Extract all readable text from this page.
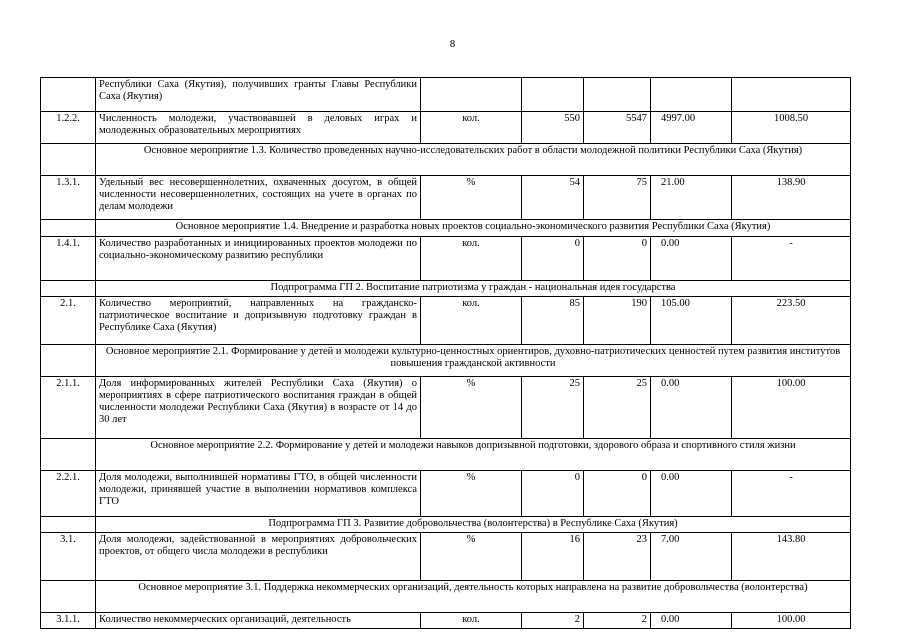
8
	Республики Саха (Якутия), получивших гранты Главы Республики Саха (Якутия)					
1.2.2.	Численность молодежи, участвовавшей в деловых играх и молодежных образовательных мероприятиях	кол.	550	5547	4997.00	1008.50
	Основное мероприятие 1.3. Количество проведенных научно-исследовательских работ в области молодежной политики Республики Саха (Якутия)					
1.3.1.	Удельный вес несовершеннолетних, охваченных досугом, в общей численности несовершеннолетних, состоящих на учете в органах по делам молодежи	%	54	75	21.00	138.90
	Основное мероприятие 1.4. Внедрение и разработка новых проектов социально-экономического развития Республики Саха (Якутия)					
1.4.1.	Количество разработанных и инициированных проектов молодежи по социально-экономическому развитию республики	кол.	0	0	0.00	-
	Подпрограмма ГП 2. Воспитание патриотизма у граждан - национальная идея государства					
2.1.	Количество мероприятий, направленных на гражданско-патриотическое воспитание и допризывную подготовку граждан в Республике Саха (Якутия)	кол.	85	190	105.00	223.50
	Основное мероприятие 2.1. Формирование у детей и молодежи культурно-ценностных ориентиров, духовно-патриотических ценностей путем развития институтов повышения гражданской активности					
2.1.1.	Доля информированных жителей Республики Саха (Якутия) о мероприятиях в сфере патриотического воспитания граждан в общей численности молодежи Республики Саха (Якутия) в возрасте от 14 до 30 лет	%	25	25	0.00	100.00
	Основное мероприятие 2.2. Формирование у детей и молодежи навыков допризывной подготовки, здорового образа и спортивного стиля жизни					
2.2.1.	Доля молодежи, выполнившей нормативы ГТО, в общей численности молодежи, принявшей участие в выполнении нормативов комплекса ГТО	%	0	0	0.00	-
	Подпрограмма ГП 3. Развитие добровольчества (волонтерства) в Республике Саха (Якутия)					
3.1.	Доля молодежи, задействованной в мероприятиях добровольческих проектов, от общего числа молодежи в республики	%	16	23	7.00	143.80
	Основное мероприятие 3.1. Поддержка некоммерческих организаций, деятельность которых направлена на развитие добровольчества (волонтерства)					
3.1.1.	Количество некоммерческих организаций, деятельность	кол.	2	2	0.00	100.00
